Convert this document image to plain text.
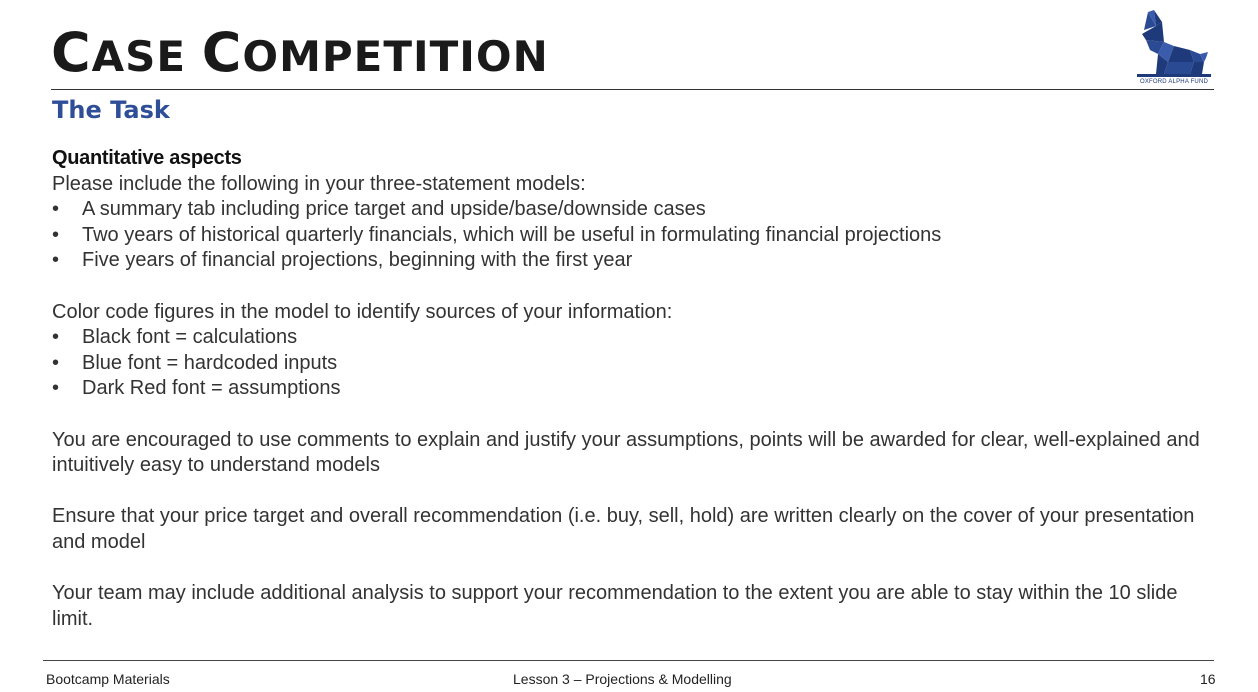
CASE COMPETITION
OXFORD ALPHA FUND
The Task

Quantitative aspects

Please include the following in your three-statement models:

• A summary tab including price target and upside/base/downside cases
• Two years of historical quarterly financials, which will be useful in formulating financial projections
• Five years of financial projections, beginning with the first year

Color code figures in the model to identify sources of your information:

• Black font = calculations
• Blue font = hardcoded inputs
• Dark Red font = assumptions

You are encouraged to use comments to explain and justify your assumptions, points will be awarded for clear, well-explained and intuitively easy to understand models

Ensure that your price target and overall recommendation (i.e. buy, sell, hold) are written clearly on the cover of your presentation and model

Your team may include additional analysis to support your recommendation to the extent you are able to stay within the 10 slide limit.

Bootcamp Materials	Lesson 3 – Projections & Modelling	16
